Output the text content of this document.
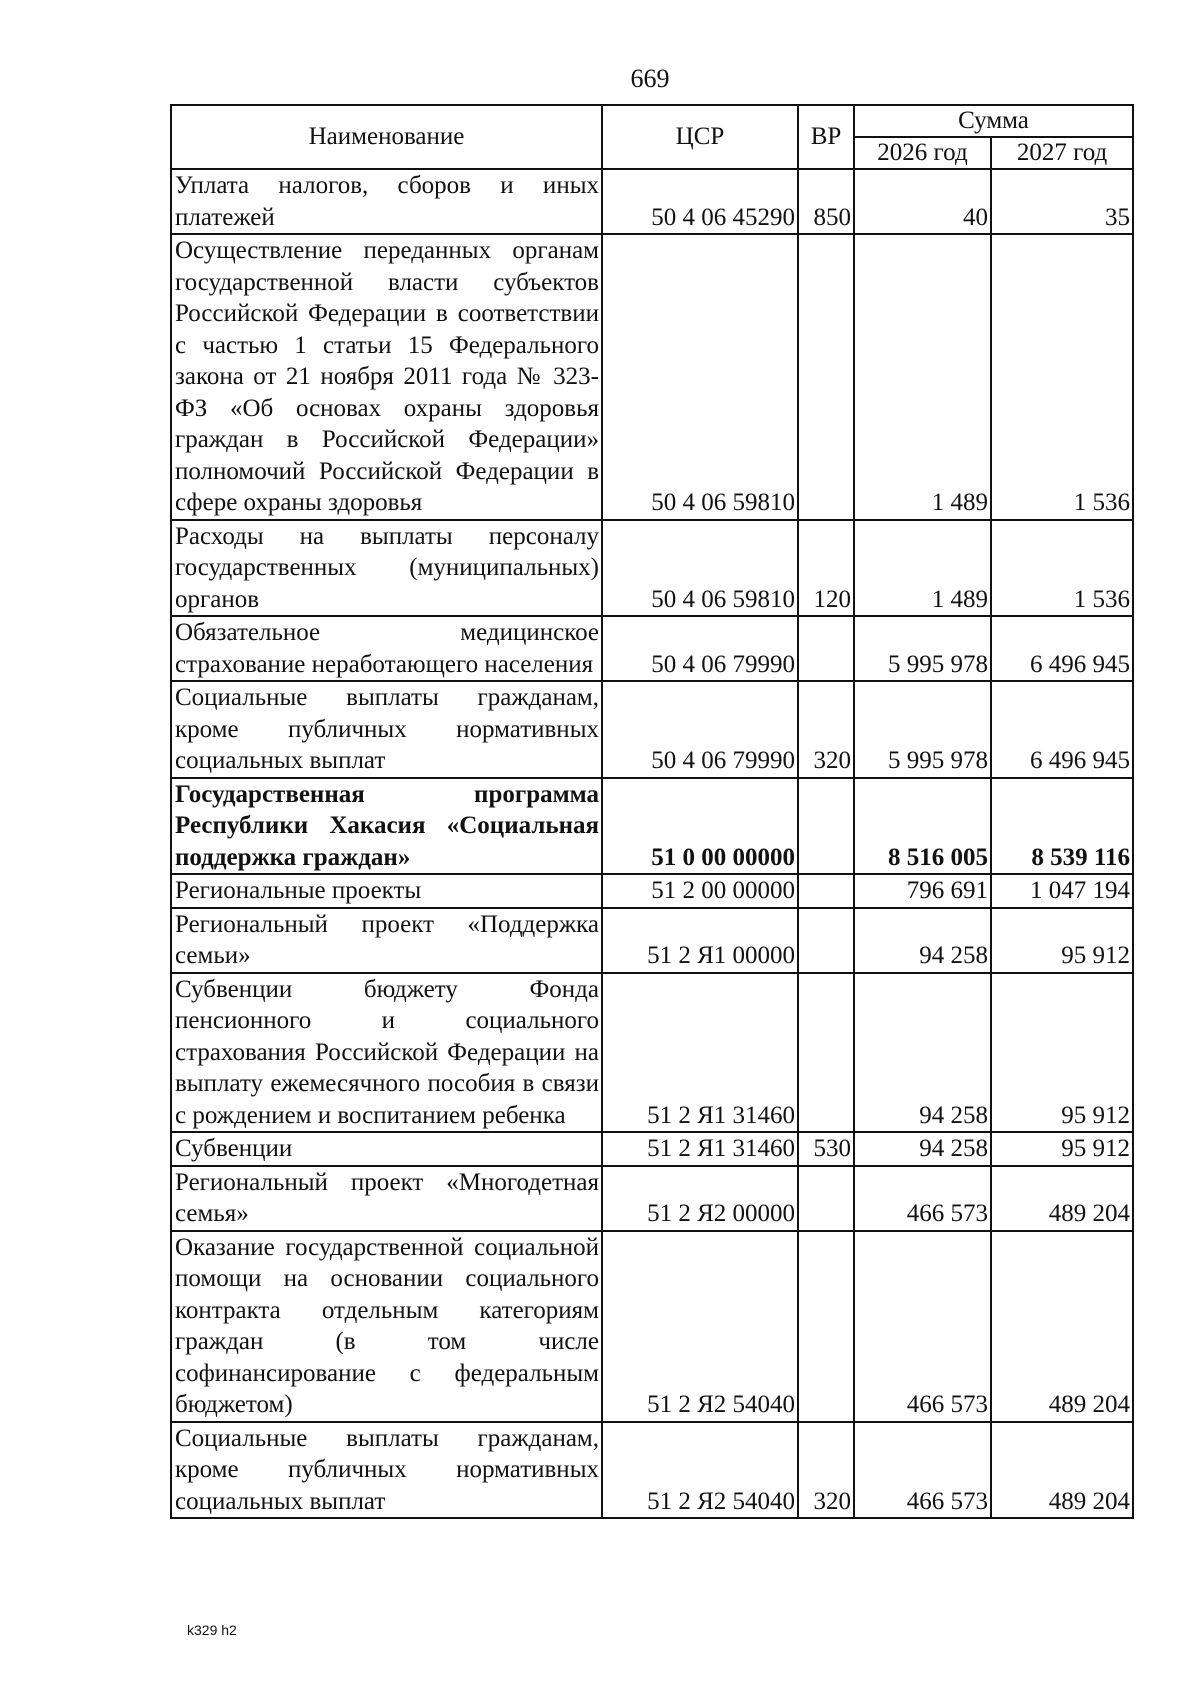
669
Наименование	ЦСР	ВР	Сумма	
			2026 год	2027 год
Уплата налогов, сборов и иных платежей	50 4 06 45290	850	40	35
Осуществление переданных органам государственной власти субъектов Российской Федерации в соответствии с частью 1 статьи 15 Федерального закона от 21 ноября 2011 года № 323-ФЗ «Об основах охраны здоровья граждан в Российской Федерации» полномочий Российской Федерации в сфере охраны здоровья	50 4 06 59810		1 489	1 536
Расходы на выплаты персоналу государственных (муниципальных) органов	50 4 06 59810	120	1 489	1 536
Обязательное медицинское страхование неработающего населения	50 4 06 79990		5 995 978	6 496 945
Социальные выплаты гражданам, кроме публичных нормативных социальных выплат	50 4 06 79990	320	5 995 978	6 496 945
Государственная программа Республики Хакасия «Социальная поддержка граждан»	51 0 00 00000		8 516 005	8 539 116
Региональные проекты	51 2 00 00000		796 691	1 047 194
Региональный проект «Поддержка семьи»	51 2 Я1 00000		94 258	95 912
Субвенции бюджету Фонда пенсионного и социального страхования Российской Федерации на выплату ежемесячного пособия в связи с рождением и воспитанием ребенка	51 2 Я1 31460		94 258	95 912
Субвенции	51 2 Я1 31460	530	94 258	95 912
Региональный проект «Многодетная семья»	51 2 Я2 00000		466 573	489 204
Оказание государственной социальной помощи на основании социального контракта отдельным категориям граждан (в том числе софинансирование с федеральным бюджетом)	51 2 Я2 54040		466 573	489 204
Социальные выплаты гражданам, кроме публичных нормативных социальных выплат	51 2 Я2 54040	320	466 573	489 204
k329 h2
